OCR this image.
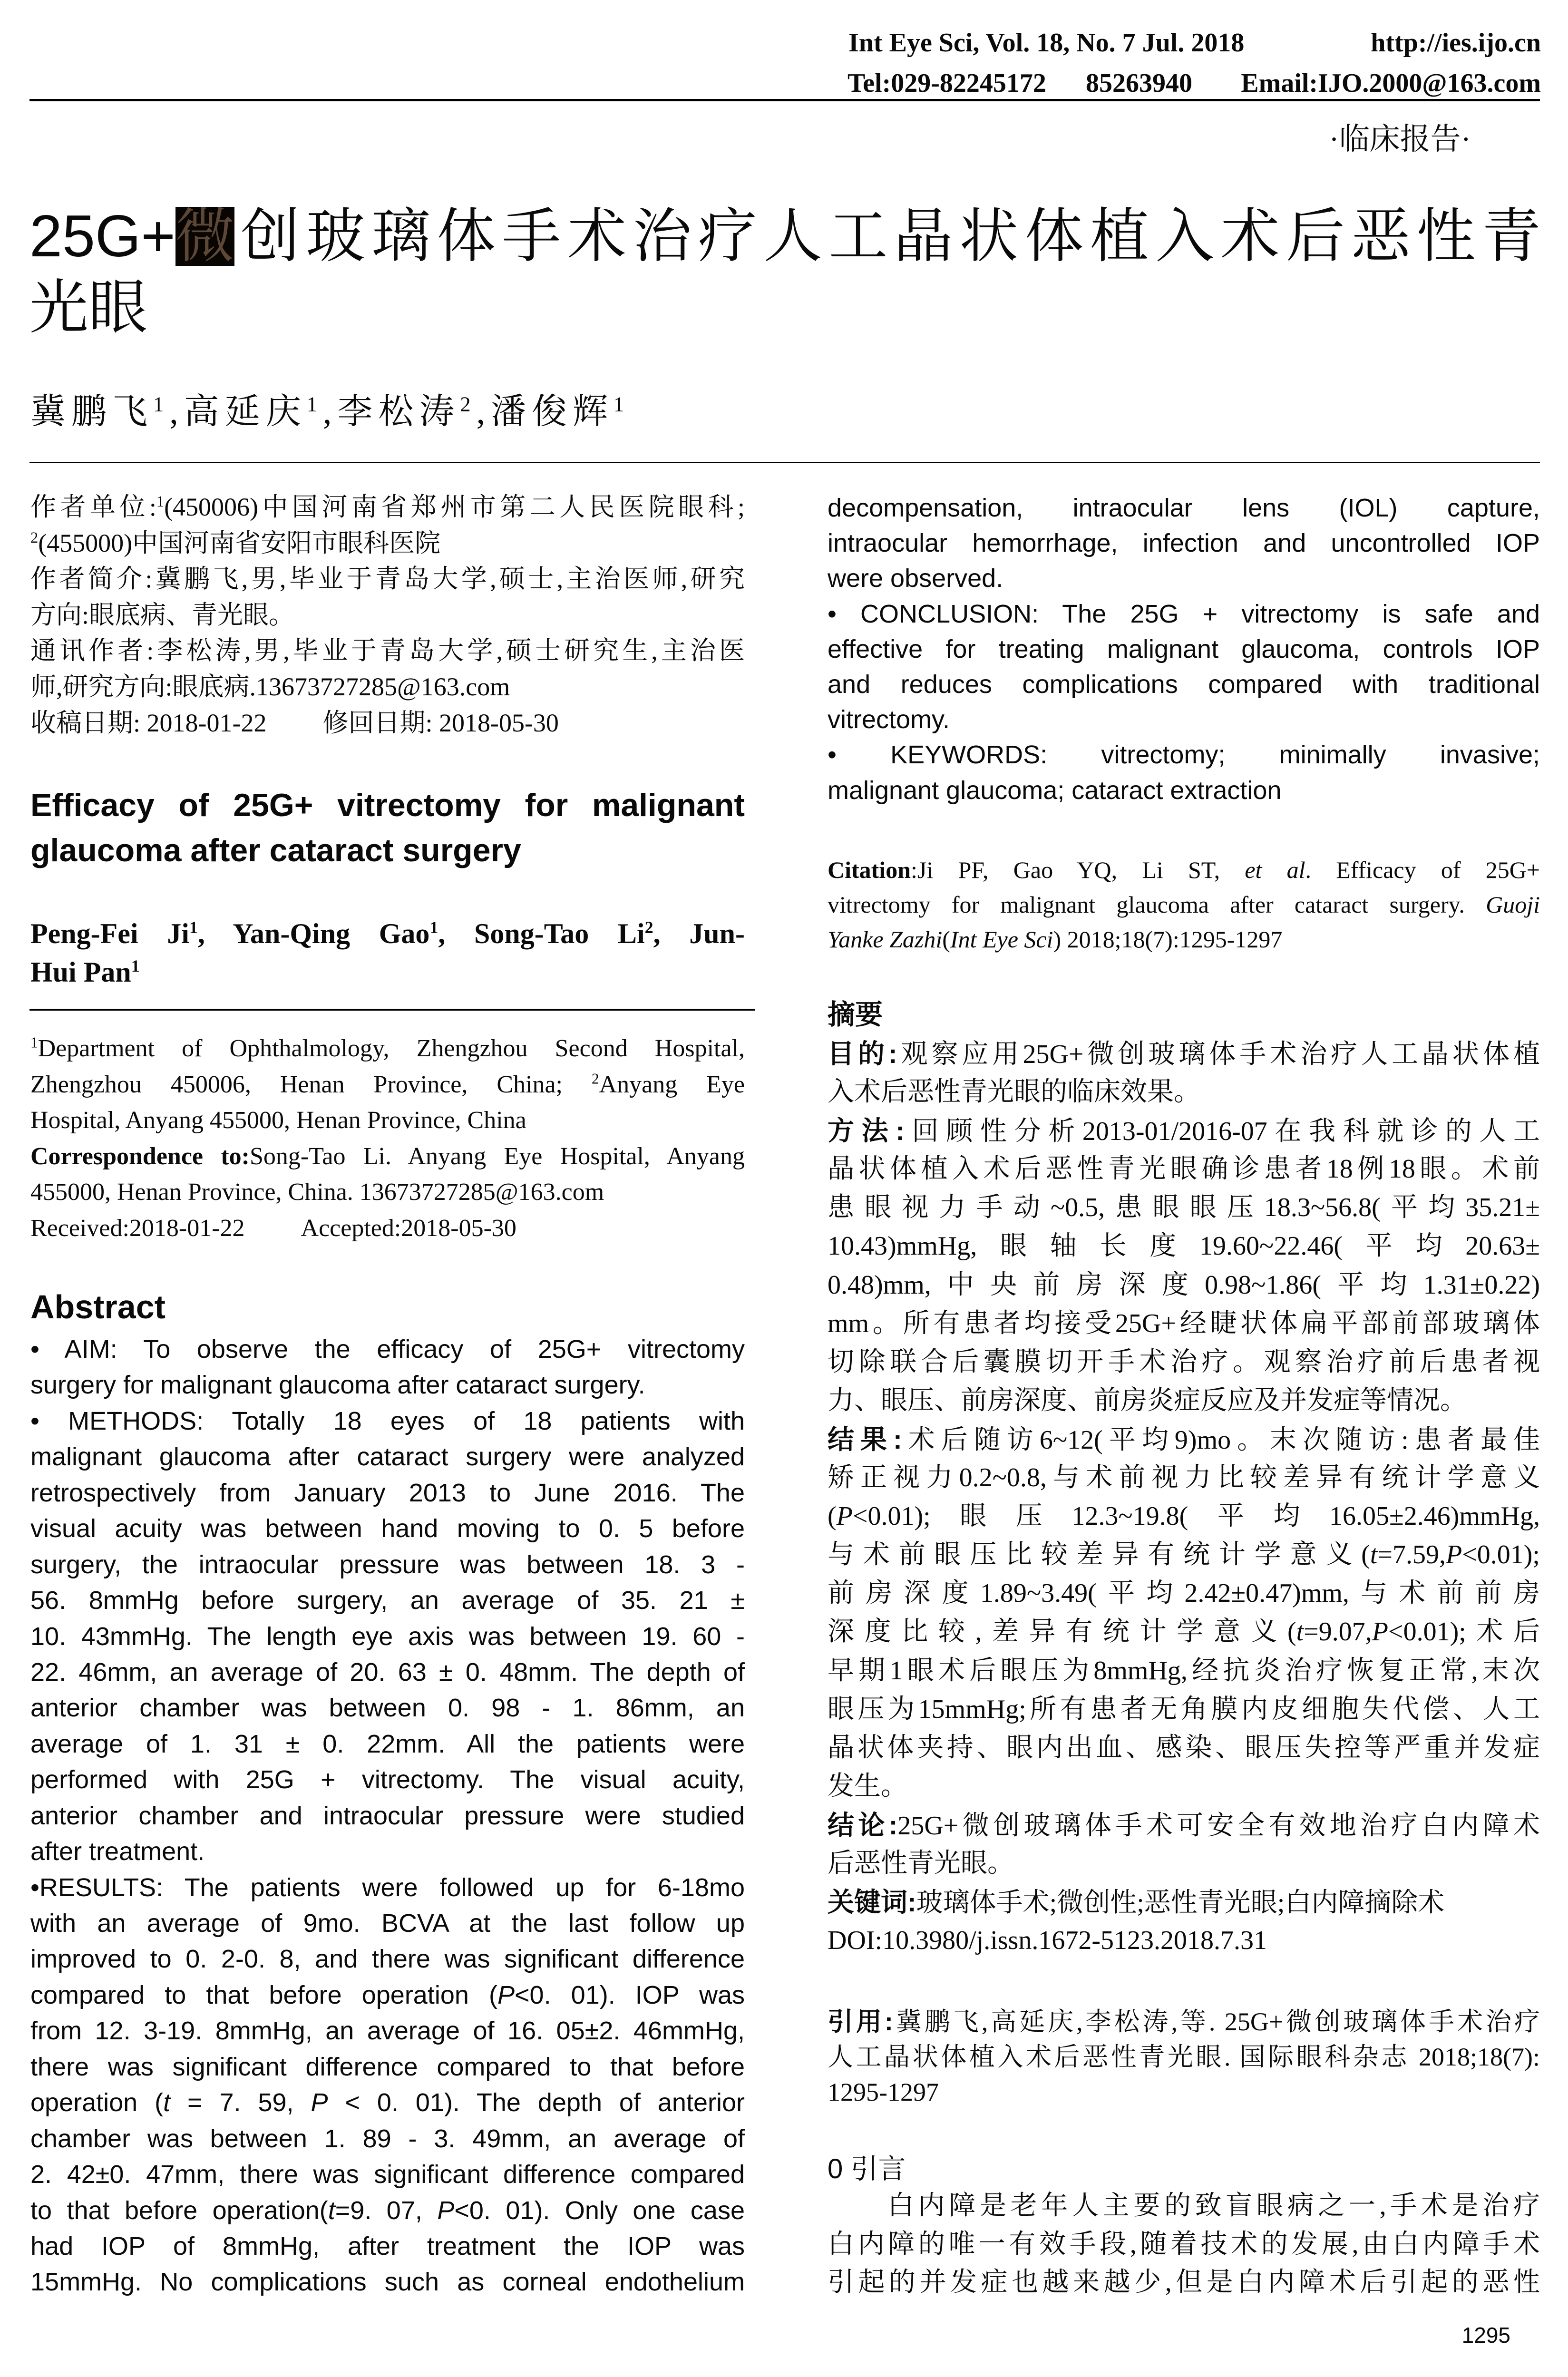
Int Eye Sci, Vol. 18, No. 7 Jul. 2018	http://ies.ijo.cn
Tel:029-82245172 85263940 Email:IJO.2000@163.com
·临床报告·
25G+微创玻璃体手术治疗人工晶状体植入术后恶性青
光眼
冀鹏飞$^1$,高延庆$^1$,李松涛$^2$,潘俊辉$^1$
作者单位:$^1$(450006)中国河南省郑州市第二人民医院眼科;
$^2$(455000)中国河南省安阳市眼科医院
作者简介:冀鹏飞,男,毕业于青岛大学,硕士,主治医师,研究
方向:眼底病、青光眼。
通讯作者:李松涛,男,毕业于青岛大学,硕士研究生,主治医
师,研究方向:眼底病.13673727285@163.com
收稿日期: 2018-01-22 修回日期: 2018-05-30
Efficacy of 25G+ vitrectomy for malignant
glaucoma after cataract surgery
Peng-Fei Ji$^1$, Yan-Qing Gao$^1$, Song-Tao Li$^2$, Jun-
Hui Pan$^1$
$^1$Department of Ophthalmology, Zhengzhou Second Hospital,
Zhengzhou 450006, Henan Province, China; $^2$Anyang Eye
Hospital, Anyang 455000, Henan Province, China
Correspondence to:Song-Tao Li. Anyang Eye Hospital, Anyang
455000, Henan Province, China. 13673727285@163.com
Received:2018-01-22 Accepted:2018-05-30
Abstract
• AIM: To observe the efficacy of 25G+ vitrectomy
surgery for malignant glaucoma after cataract surgery.
• METHODS: Totally 18 eyes of 18 patients with
malignant glaucoma after cataract surgery were analyzed
retrospectively from January 2013 to June 2016. The
visual acuity was between hand moving to 0. 5 before
surgery, the intraocular pressure was between 18. 3 -
56. 8mmHg before surgery, an average of 35. 21 ±
10. 43mmHg. The length eye axis was between 19. 60 -
22. 46mm, an average of 20. 63 ± 0. 48mm. The depth of
anterior chamber was between 0. 98 - 1. 86mm, an
average of 1. 31 ± 0. 22mm. All the patients were
performed with 25G + vitrectomy. The visual acuity,
anterior chamber and intraocular pressure were studied
after treatment.
•RESULTS: The patients were followed up for 6-18mo
with an average of 9mo. BCVA at the last follow up
improved to 0. 2-0. 8, and there was significant difference
compared to that before operation (P<0. 01). IOP was
from 12. 3-19. 8mmHg, an average of 16. 05±2. 46mmHg,
there was significant difference compared to that before
operation (t = 7. 59, P < 0. 01). The depth of anterior
chamber was between 1. 89 - 3. 49mm, an average of
2. 42±0. 47mm, there was significant difference compared
to that before operation(t=9. 07, P<0. 01). Only one case
had IOP of 8mmHg, after treatment the IOP was
15mmHg. No complications such as corneal endothelium
decompensation, intraocular lens (IOL) capture,
intraocular hemorrhage, infection and uncontrolled IOP
were observed.
• CONCLUSION: The 25G + vitrectomy is safe and
effective for treating malignant glaucoma, controls IOP
and reduces complications compared with traditional
vitrectomy.
• KEYWORDS: vitrectomy; minimally invasive;
malignant glaucoma; cataract extraction
Citation:Ji PF, Gao YQ, Li ST, et al. Efficacy of 25G+
vitrectomy for malignant glaucoma after cataract surgery. Guoji
Yanke Zazhi(Int Eye Sci) 2018;18(7):1295-1297
摘要
目的:观察应用25G+微创玻璃体手术治疗人工晶状体植
入术后恶性青光眼的临床效果。
方法:回顾性分析2013-01/2016-07在我科就诊的人工
晶状体植入术后恶性青光眼确诊患者18例18眼。术前
患眼视力手动~0.5,患眼眼压18.3~56.8(平均35.21±
10.43)mmHg,眼轴长度19.60~22.46(平均20.63±
0.48)mm,中央前房深度0.98~1.86(平均1.31±0.22)
mm。所有患者均接受25G+经睫状体扁平部前部玻璃体
切除联合后囊膜切开手术治疗。观察治疗前后患者视
力、眼压、前房深度、前房炎症反应及并发症等情况。
结果:术后随访6~12(平均9)mo。末次随访:患者最佳
矫正视力0.2~0.8,与术前视力比较差异有统计学意义
(P<0.01);眼压12.3~19.8(平均16.05±2.46)mmHg,
与术前眼压比较差异有统计学意义(t=7.59,P<0.01);
前房深度1.89~3.49(平均2.42±0.47)mm,与术前前房
深度比较,差异有统计学意义(t=9.07,P<0.01);术后
早期1眼术后眼压为8mmHg,经抗炎治疗恢复正常,末次
眼压为15mmHg;所有患者无角膜内皮细胞失代偿、人工
晶状体夹持、眼内出血、感染、眼压失控等严重并发症
发生。
结论:25G+微创玻璃体手术可安全有效地治疗白内障术
后恶性青光眼。
关键词:玻璃体手术;微创性;恶性青光眼;白内障摘除术
DOI:10.3980/j.issn.1672-5123.2018.7.31
引用:冀鹏飞,高延庆,李松涛,等. 25G+微创玻璃体手术治疗
人工晶状体植入术后恶性青光眼. 国际眼科杂志 2018;18(7):
1295-1297
0 引言
白内障是老年人主要的致盲眼病之一,手术是治疗
白内障的唯一有效手段,随着技术的发展,由白内障手术
引起的并发症也越来越少,但是白内障术后引起的恶性
1295
